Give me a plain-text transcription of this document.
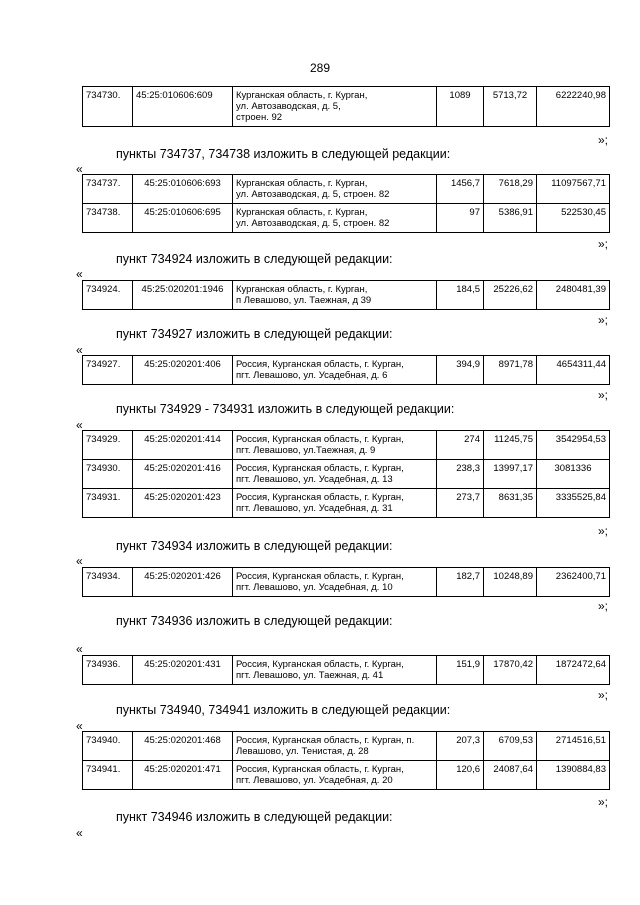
289
734730.	45:25:010606:609	Курганская область, г. Курган,
ул. Автозаводская, д. 5,
строен. 92
	1089	5713,72	6222240,98
»;
пункты 734737, 734738 изложить в следующей редакции:
«
734737.	45:25:010606:693	Курганская область, г. Курган,
ул. Автозаводская, д. 5, строен. 82	1456,7	7618,29	11097567,71
734738.	45:25:010606:695	Курганская область, г. Курган,
ул. Автозаводская, д. 5, строен. 82	97	5386,91	522530,45
»;
пункт 734924 изложить в следующей редакции:
«
734924.	45:25:020201:1946	Курганская область, г. Курган,
п Левашово, ул. Таежная, д 39
	184,5	25226,62	2480481,39
»;
пункт 734927 изложить в следующей редакции:
«
734927.	45:25:020201:406	Россия, Курганская область, г. Курган,
пгт. Левашово, ул. Усадебная, д. 6
	394,9	8971,78	4654311,44
»;
пункты 734929 - 734931 изложить в следующей редакции:
«
734929.	45:25:020201:414	Россия, Курганская область, г. Курган,
пгт. Левашово, ул.Таежная, д. 9	274	11245,75	3542954,53
734930.	45:25:020201:416	Россия, Курганская область, г. Курган,
пгт. Левашово, ул. Усадебная, д. 13	238,3	13997,17	3081336
734931.	45:25:020201:423	Россия, Курганская область, г. Курган,
пгт. Левашово, ул. Усадебная, д. 31	273,7	8631,35	3335525,84
»;
пункт 734934 изложить в следующей редакции:
«
734934.	45:25:020201:426	Россия, Курганская область, г. Курган,
пгт. Левашово, ул. Усадебная, д. 10
	182,7	10248,89	2362400,71
»;
пункт 734936 изложить в следующей редакции:
«
734936.	45:25:020201:431	Россия, Курганская область, г. Курган,
пгт. Левашово, ул. Таежная, д. 41
	151,9	17870,42	1872472,64
»;
пункты 734940, 734941 изложить в следующей редакции:
«
734940.	45:25:020201:468	Россия, Курганская область, г. Курган, п.
Левашово, ул. Тенистая, д. 28	207,3	6709,53	2714516,51
734941.	45:25:020201:471	Россия, Курганская область, г. Курган,
пгт. Левашово, ул. Усадебная, д. 20	120,6	24087,64	1390884,83
»;
пункт 734946 изложить в следующей редакции:
«
